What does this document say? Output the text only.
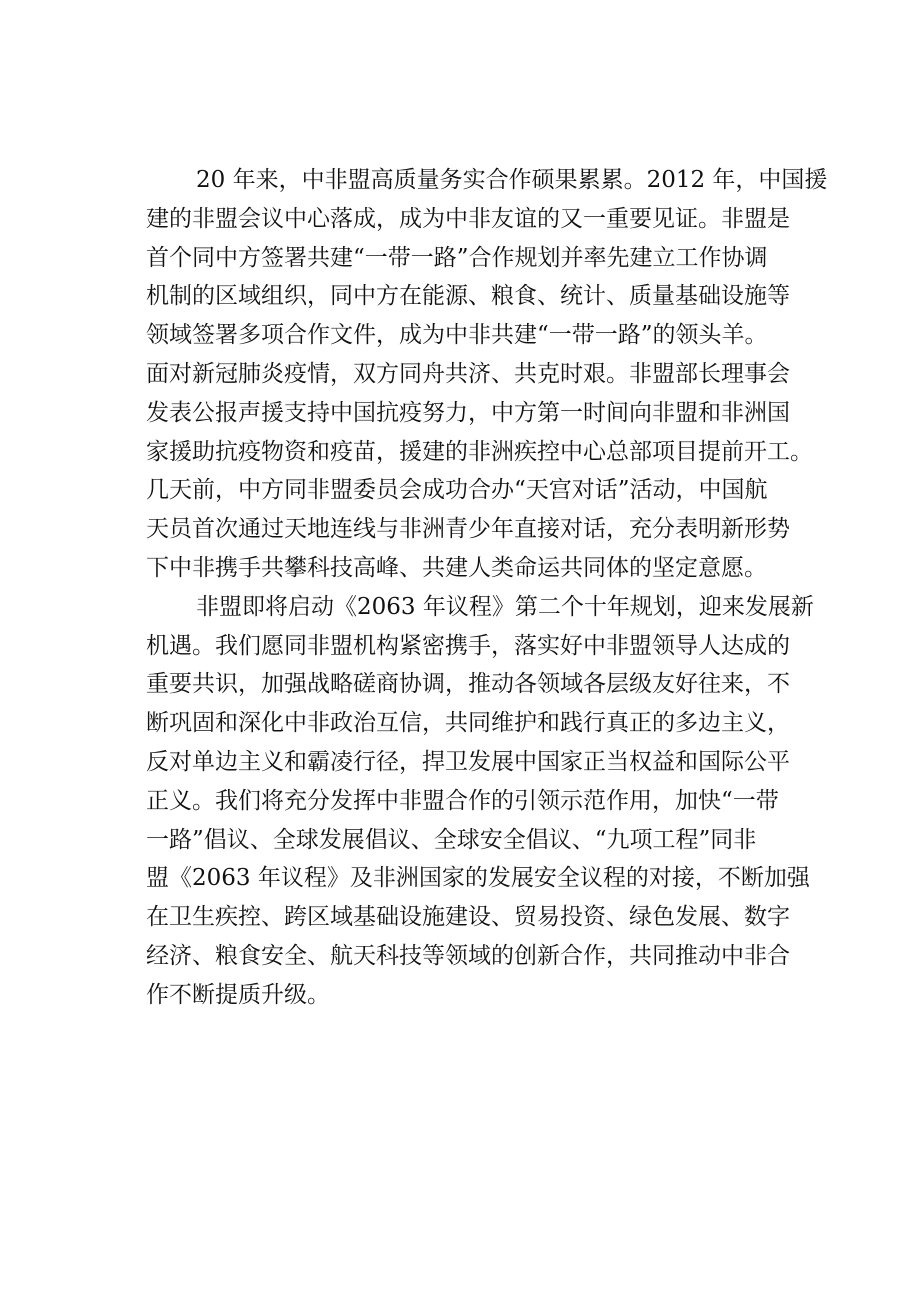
20 年来，中非盟高质量务实合作硕果累累。2012 年，中国援
建的非盟会议中心落成，成为中非友谊的又一重要见证。非盟是
首个同中方签署共建“一带一路”合作规划并率先建立工作协调
机制的区域组织，同中方在能源、粮食、统计、质量基础设施等
领域签署多项合作文件，成为中非共建“一带一路”的领头羊。
面对新冠肺炎疫情，双方同舟共济、共克时艰。非盟部长理事会
发表公报声援支持中国抗疫努力，中方第一时间向非盟和非洲国
家援助抗疫物资和疫苗，援建的非洲疾控中心总部项目提前开工。
几天前，中方同非盟委员会成功合办“天宫对话”活动，中国航
天员首次通过天地连线与非洲青少年直接对话，充分表明新形势
下中非携手共攀科技高峰、共建人类命运共同体的坚定意愿。

非盟即将启动《2063 年议程》第二个十年规划，迎来发展新
机遇。我们愿同非盟机构紧密携手，落实好中非盟领导人达成的
重要共识，加强战略磋商协调，推动各领域各层级友好往来，不
断巩固和深化中非政治互信，共同维护和践行真正的多边主义，
反对单边主义和霸凌行径，捍卫发展中国家正当权益和国际公平
正义。我们将充分发挥中非盟合作的引领示范作用，加快“一带
一路”倡议、全球发展倡议、全球安全倡议、“九项工程”同非
盟《2063 年议程》及非洲国家的发展安全议程的对接，不断加强
在卫生疾控、跨区域基础设施建设、贸易投资、绿色发展、数字
经济、粮食安全、航天科技等领域的创新合作，共同推动中非合
作不断提质升级。
